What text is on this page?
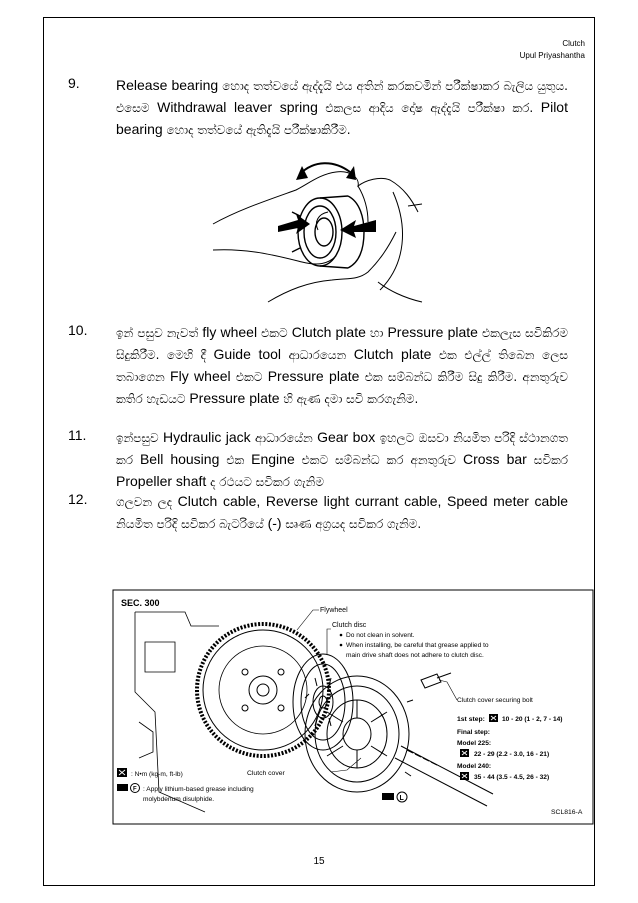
Clutch
Upul Priyashantha
9.	Release bearing හොද තත්වයේ ඇද්දැයි එය අතින් කරකවමින් පරීක්ෂාකර බැලිය යුතුය. එසෙම Withdrawal leaver spring එකලස ආදිය දෝෂ ඇද්දැයි පරීක්ෂා කර. Pilot bearing හොද තත්වයේ ඇතිදැයි පරීක්ෂාකිරීම.
10. ඉන් පසුව නැවත් fly wheel එකට Clutch plate හා Pressure plate එකලැස සවිකිරම සිදුකිරීම. මෙහි දී Guide tool ආධාරයෙන Clutch plate එක එල්ල් තිබෙන ලෙස තබාගෙන Fly wheel එකට Pressure plate එක සම්බන්ධ කිරීම සිදු කිරීම. අනතුරුව කතිර හැඩයට Pressure plate හි ඇණ දමා සවි කරගැනිම.
11. ඉන්පසුව Hydraulic jack ආධාරයේන Gear box ඉහලට ඔසවා නියමිත පරිදි ස්ථානගත කර Bell housing එක Engine එකට සම්බන්ධ කර අනතුරුව Cross bar සවිකර Propeller shaft ද රථයට සවිකර ගැනිම
12. ගලවන ලද Clutch cable, Reverse light currant cable, Speed meter cable නියමිත පරිදි සවිකර බැටරියේ (-) සෘණ අග්‍රයද සවිකර ගැනිම.
SEC. 300
Flywheel
Clutch disc
Do not clean in solvent.
When installing, be careful that grease applied to
main drive shaft does not adhere to clutch disc.
Clutch cover securing bolt
1st step:	10 - 20 (1 - 2, 7 - 14)
Final step:
Model 225:
22 - 29 (2.2 - 3.0, 16 - 21)
Model 240:
35 - 44 (3.5 - 4.5, 26 - 32)
Clutch cover
: N•m (kg-m, ft-lb)
F : Apply lithium-based grease including
molybdenum disulphide.	L
SCL816-A
15
